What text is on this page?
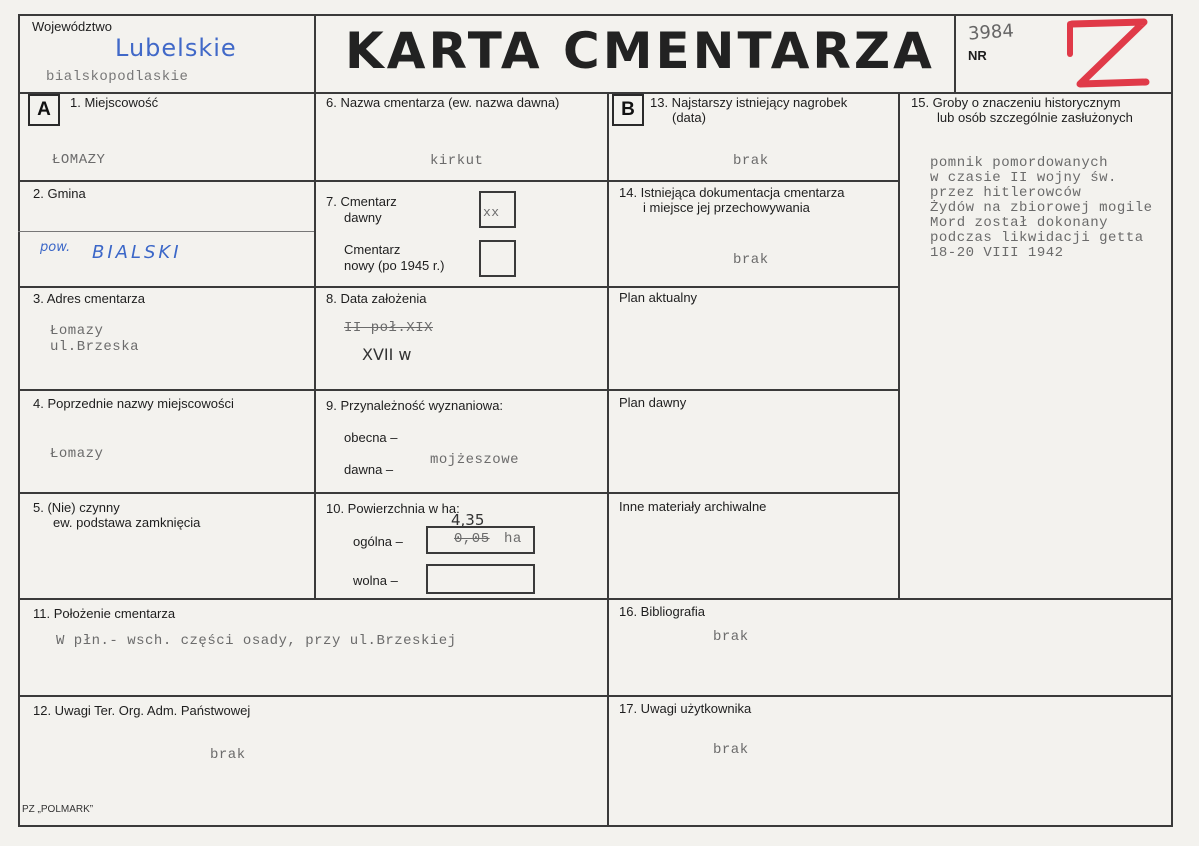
Województwo
Lubelskie
bialskopodlaskie	KARTA CMENTARZA 3984
NR
A	1. Miejscowość
ŁOMAZY
2. Gmina
pow. BIALSKI
3. Adres cmentarza
Łomazy
ul.Brzeska
4. Poprzednie nazwy miejscowości
Łomazy
5. (Nie) czynny
ew. podstawa zamknięcia
6. Nazwa cmentarza (ew. nazwa dawna)
kirkut
7. Cmentarz
dawny	xx
Cmentarz
nowy (po 1945 r.)
8. Data założenia
II poł.XIX
XVII w
9. Przynależność wyznaniowa:
obecna –
dawna –
mojżeszowe
10. Powierzchnia w ha:
4,35
ogólna –	0,05 ha
wolna –
B	13. Najstarszy istniejący nagrobek
(data)
brak
14. Istniejąca dokumentacja cmentarza
i miejsce jej przechowywania
brak
Plan aktualny
Plan dawny
Inne materiały archiwalne
15. Groby o znaczeniu historycznym
lub osób szczególnie zasłużonych
pomnik pomordowanych
w czasie II wojny św.
przez hitlerowców
Żydów na zbiorowej mogile
Mord został dokonany
podczas likwidacji getta
18-20 VIII 1942
11. Położenie cmentarza
W płn.- wsch. części osady, przy ul.Brzeskiej
16. Bibliografia
brak
12. Uwagi Ter. Org. Adm. Państwowej
brak
17. Uwagi użytkownika
brak
PZ „POLMARK”
